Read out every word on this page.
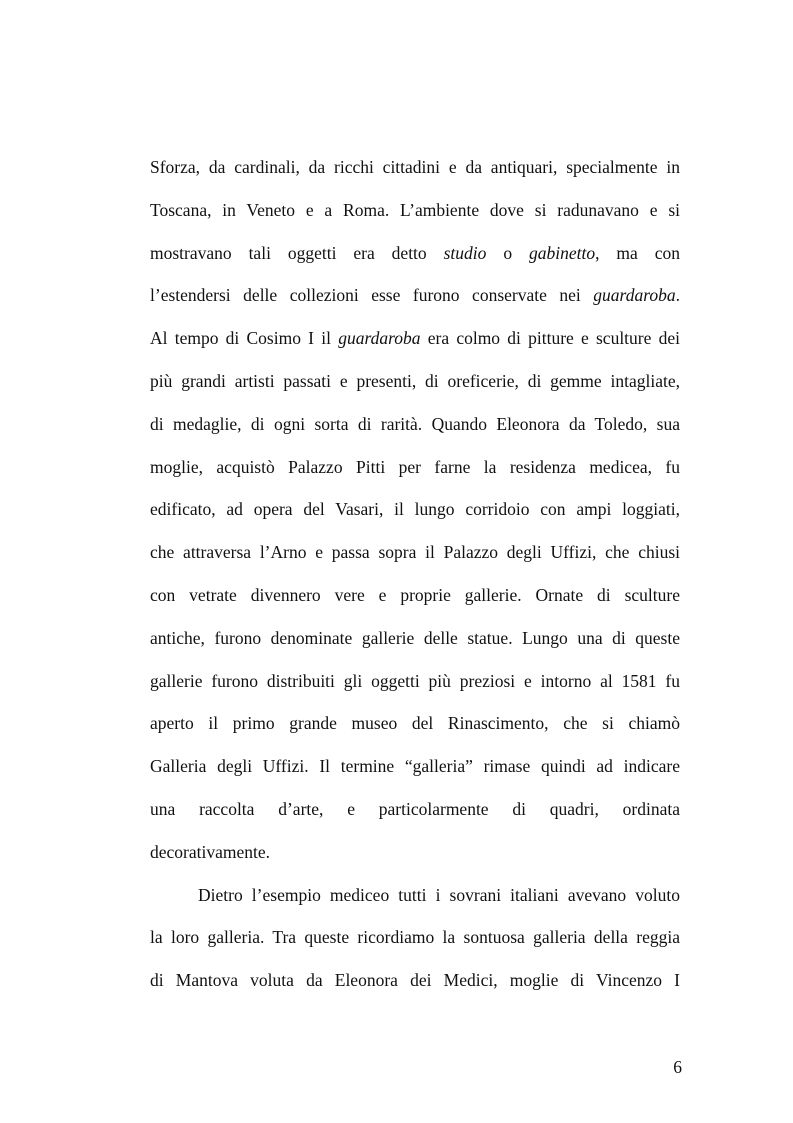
Sforza, da cardinali, da ricchi cittadini e da antiquari, specialmente in
Toscana, in Veneto e a Roma. L’ambiente dove si radunavano e si
mostravano tali oggetti era detto studio o gabinetto, ma con
l’estendersi delle collezioni esse furono conservate nei guardaroba.
Al tempo di Cosimo I il guardaroba era colmo di pitture e sculture dei
più grandi artisti passati e presenti, di oreficerie, di gemme intagliate,
di medaglie, di ogni sorta di rarità. Quando Eleonora da Toledo, sua
moglie, acquistò Palazzo Pitti per farne la residenza medicea, fu
edificato, ad opera del Vasari, il lungo corridoio con ampi loggiati,
che attraversa l’Arno e passa sopra il Palazzo degli Uffizi, che chiusi
con vetrate divennero vere e proprie gallerie. Ornate di sculture
antiche, furono denominate gallerie delle statue. Lungo una di queste
gallerie furono distribuiti gli oggetti più preziosi e intorno al 1581 fu
aperto il primo grande museo del Rinascimento, che si chiamò
Galleria degli Uffizi. Il termine “galleria” rimase quindi ad indicare
una raccolta d’arte, e particolarmente di quadri, ordinata
decorativamente.
Dietro l’esempio mediceo tutti i sovrani italiani avevano voluto
la loro galleria. Tra queste ricordiamo la sontuosa galleria della reggia
di Mantova voluta da Eleonora dei Medici, moglie di Vincenzo I
6
